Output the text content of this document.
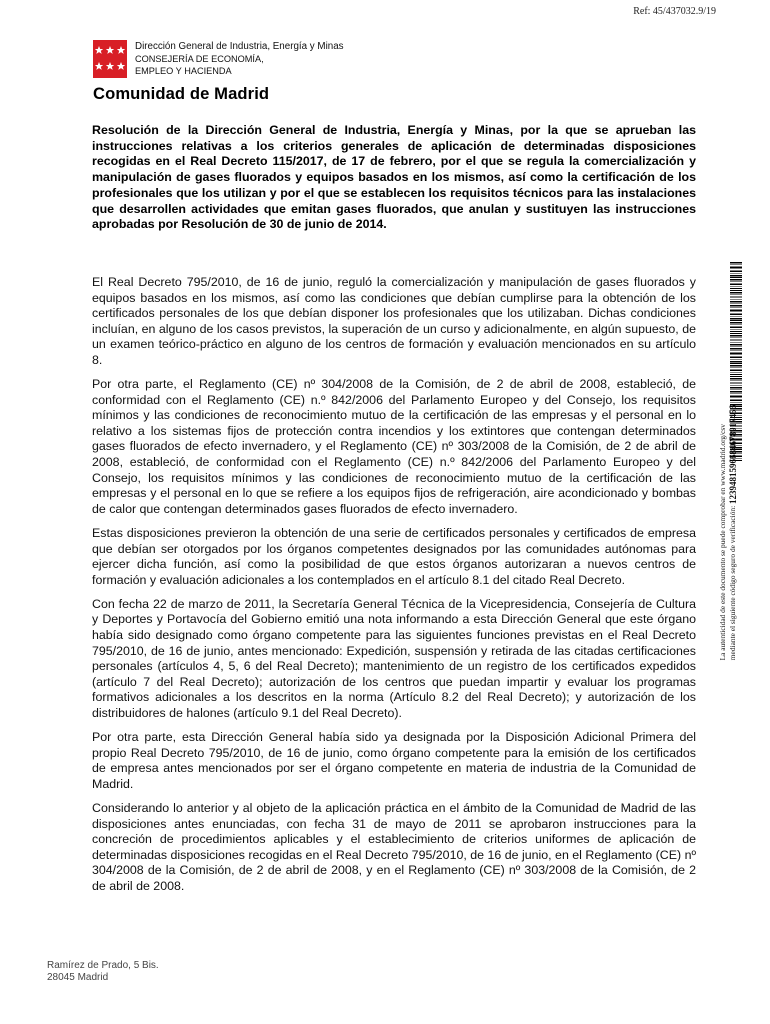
Ref: 45/437032.9/19
Dirección General de Industria, Energía y Minas
CONSEJERÍA DE ECONOMÍA,
EMPLEO Y HACIENDA
Comunidad de Madrid

Resolución de la Dirección General de Industria, Energía y Minas, por la que se aprueban las instrucciones relativas a los criterios generales de aplicación de determinadas disposiciones recogidas en el Real Decreto 115/2017, de 17 de febrero, por el que se regula la comercialización y manipulación de gases fluorados y equipos basados en los mismos, así como la certificación de los profesionales que los utilizan y por el que se establecen los requisitos técnicos para las instalaciones que desarrollen actividades que emitan gases fluorados, que anulan y sustituyen las instrucciones aprobadas por Resolución de 30 de junio de 2014.

El Real Decreto 795/2010, de 16 de junio, reguló la comercialización y manipulación de gases fluorados y equipos basados en los mismos, así como las condiciones que debían cumplirse para la obtención de los certificados personales de los que debían disponer los profesionales que los utilizaban. Dichas condiciones incluían, en alguno de los casos previstos, la superación de un curso y adicionalmente, en algún supuesto, de un examen teórico-práctico en alguno de los centros de formación y evaluación mencionados en su artículo 8.

Por otra parte, el Reglamento (CE) nº 304/2008 de la Comisión, de 2 de abril de 2008, estableció, de conformidad con el Reglamento (CE) n.º 842/2006 del Parlamento Europeo y del Consejo, los requisitos mínimos y las condiciones de reconocimiento mutuo de la certificación de las empresas y el personal en lo relativo a los sistemas fijos de protección contra incendios y los extintores que contengan determinados gases fluorados de efecto invernadero, y el Reglamento (CE) nº 303/2008 de la Comisión, de 2 de abril de 2008, estableció, de conformidad con el Reglamento (CE) n.º 842/2006 del Parlamento Europeo y del Consejo, los requisitos mínimos y las condiciones de reconocimiento mutuo de la certificación de las empresas y el personal en lo que se refiere a los equipos fijos de refrigeración, aire acondicionado y bombas de calor que contengan determinados gases fluorados de efecto invernadero.

Estas disposiciones previeron la obtención de una serie de certificados personales y certificados de empresa que debían ser otorgados por los órganos competentes designados por las comunidades autónomas para ejercer dicha función, así como la posibilidad de que estos órganos autorizaran a nuevos centros de formación y evaluación adicionales a los contemplados en el artículo 8.1 del citado Real Decreto.

Con fecha 22 de marzo de 2011, la Secretaría General Técnica de la Vicepresidencia, Consejería de Cultura y Deportes y Portavocía del Gobierno emitió una nota informando a esta Dirección General que este órgano había sido designado como órgano competente para las siguientes funciones previstas en el Real Decreto 795/2010, de 16 de junio, antes mencionado: Expedición, suspensión y retirada de las citadas certificaciones personales (artículos 4, 5, 6 del Real Decreto); mantenimiento de un registro de los certificados expedidos (artículo 7 del Real Decreto); autorización de los centros que puedan impartir y evaluar los programas formativos adicionales a los descritos en la norma (Artículo 8.2 del Real Decreto); y autorización de los distribuidores de halones (artículo 9.1 del Real Decreto).

Por otra parte, esta Dirección General había sido ya designada por la Disposición Adicional Primera del propio Real Decreto 795/2010, de 16 de junio, como órgano competente para la emisión de los certificados de empresa antes mencionados por ser el órgano competente en materia de industria de la Comunidad de Madrid.

Considerando lo anterior y al objeto de la aplicación práctica en el ámbito de la Comunidad de Madrid de las disposiciones antes enunciadas, con fecha 31 de mayo de 2011 se aprobaron instrucciones para la concreción de procedimientos aplicables y el establecimiento de criterios uniformes de aplicación de determinadas disposiciones recogidas en el Real Decreto 795/2010, de 16 de junio, en el Reglamento (CE) nº 304/2008 de la Comisión, de 2 de abril de 2008, y en el Reglamento (CE) nº 303/2008 de la Comisión, de 2 de abril de 2008.

La autenticidad de este documento se puede comprobar en www.madrid.org/csv mediante el siguiente código seguro de verificación: 1239481596684678917456
Ramírez de Prado, 5 Bis.
28045 Madrid
